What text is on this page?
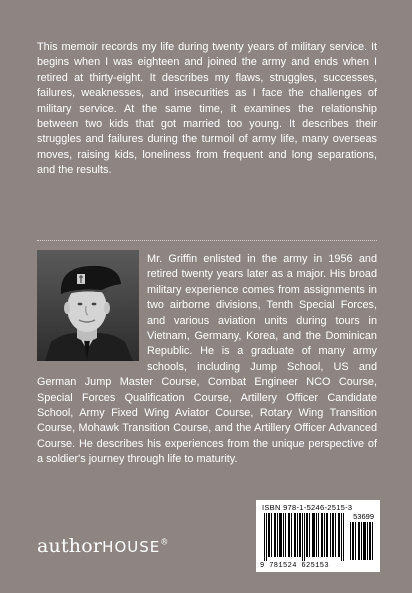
This memoir records my life during twenty years of military service. It begins when I was eighteen and joined the army and ends when I retired at thirty-eight. It describes my flaws, struggles, successes, failures, weaknesses, and insecurities as I face the challenges of military service. At the same time, it examines the relationship between two kids that got married too young. It describes their struggles and failures during the turmoil of army life, many overseas moves, raising kids, loneliness from frequent and long separations, and the results.

Mr. Griffin enlisted in the army in 1956 and retired twenty years later as a major. His broad military experience comes from assignments in two airborne divisions, Tenth Special Forces, and various aviation units during tours in Vietnam, Germany, Korea, and the Dominican Republic. He is a graduate of many army schools, including Jump School, US and German Jump Master Course, Combat Engineer NCO Course, Special Forces Qualification Course, Artillery Officer Candidate School, Army Fixed Wing Aviator Course, Rotary Wing Transition Course, Mohawk Transition Course, and the Artillery Officer Advanced Course. He describes his experiences from the unique perspective of a soldier's journey through life to maturity.

authorHOUSE®
ISBN 978-1-5246-2515-3
53699
9 781524 625153
